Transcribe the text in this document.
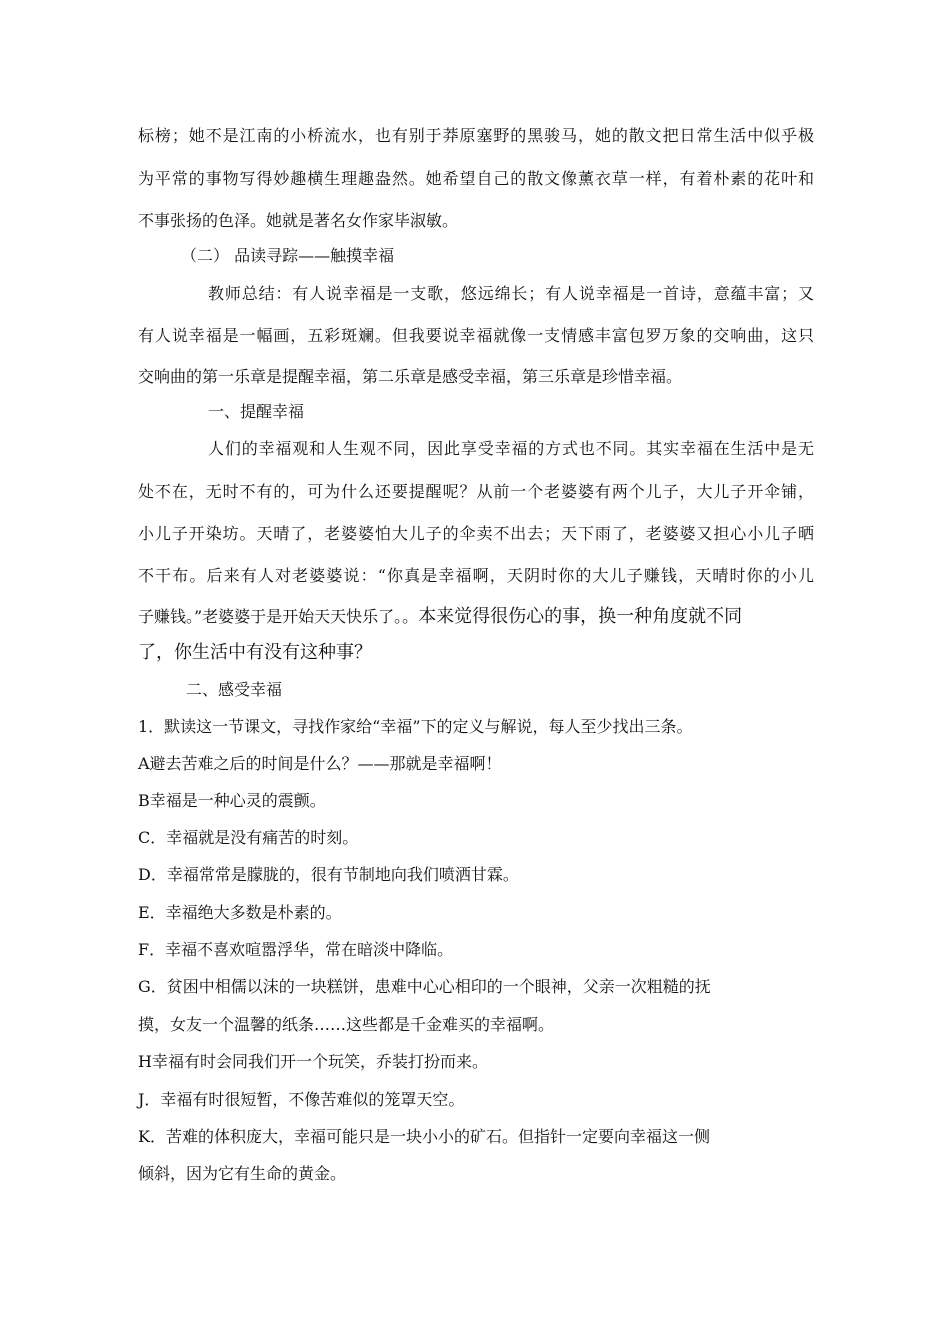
标榜；她不是江南的小桥流水，也有别于莽原塞野的黑骏马，她的散文把日常生活中似乎极

为平常的事物写得妙趣横生理趣盎然。她希望自己的散文像薰衣草一样，有着朴素的花叶和

不事张扬的色泽。她就是著名女作家毕淑敏。

（二） 品读寻踪——触摸幸福

教师总结：有人说幸福是一支歌，悠远绵长；有人说幸福是一首诗，意蕴丰富；又

有人说幸福是一幅画，五彩斑斓。但我要说幸福就像一支情感丰富包罗万象的交响曲，这只

交响曲的第一乐章是提醒幸福，第二乐章是感受幸福，第三乐章是珍惜幸福。

一、提醒幸福

人们的幸福观和人生观不同，因此享受幸福的方式也不同。其实幸福在生活中是无

处不在，无时不有的，可为什么还要提醒呢？从前一个老婆婆有两个儿子，大儿子开伞铺，

小儿子开染坊。天晴了，老婆婆怕大儿子的伞卖不出去；天下雨了，老婆婆又担心小儿子晒

不干布。后来有人对老婆婆说：“你真是幸福啊，天阴时你的大儿子赚钱，天晴时你的小儿

子赚钱。”老婆婆于是开始天天快乐了。。本来觉得很伤心的事，换一种角度就不同

了，你生活中有没有这种事？

二、感受幸福

1．默读这一节课文，寻找作家给“幸福”下的定义与解说，每人至少找出三条。

A避去苦难之后的时间是什么？——那就是幸福啊！

B幸福是一种心灵的震颤。

C．幸福就是没有痛苦的时刻。

D．幸福常常是朦胧的，很有节制地向我们喷洒甘霖。

E．幸福绝大多数是朴素的。

F．幸福不喜欢喧嚣浮华，常在暗淡中降临。

G．贫困中相儒以沫的一块糕饼，患难中心心相印的一个眼神，父亲一次粗糙的抚

摸，女友一个温馨的纸条……这些都是千金难买的幸福啊。

H幸福有时会同我们开一个玩笑，乔装打扮而来。

J．幸福有时很短暂，不像苦难似的笼罩天空。

K．苦难的体积庞大，幸福可能只是一块小小的矿石。但指针一定要向幸福这一侧

倾斜，因为它有生命的黄金。
